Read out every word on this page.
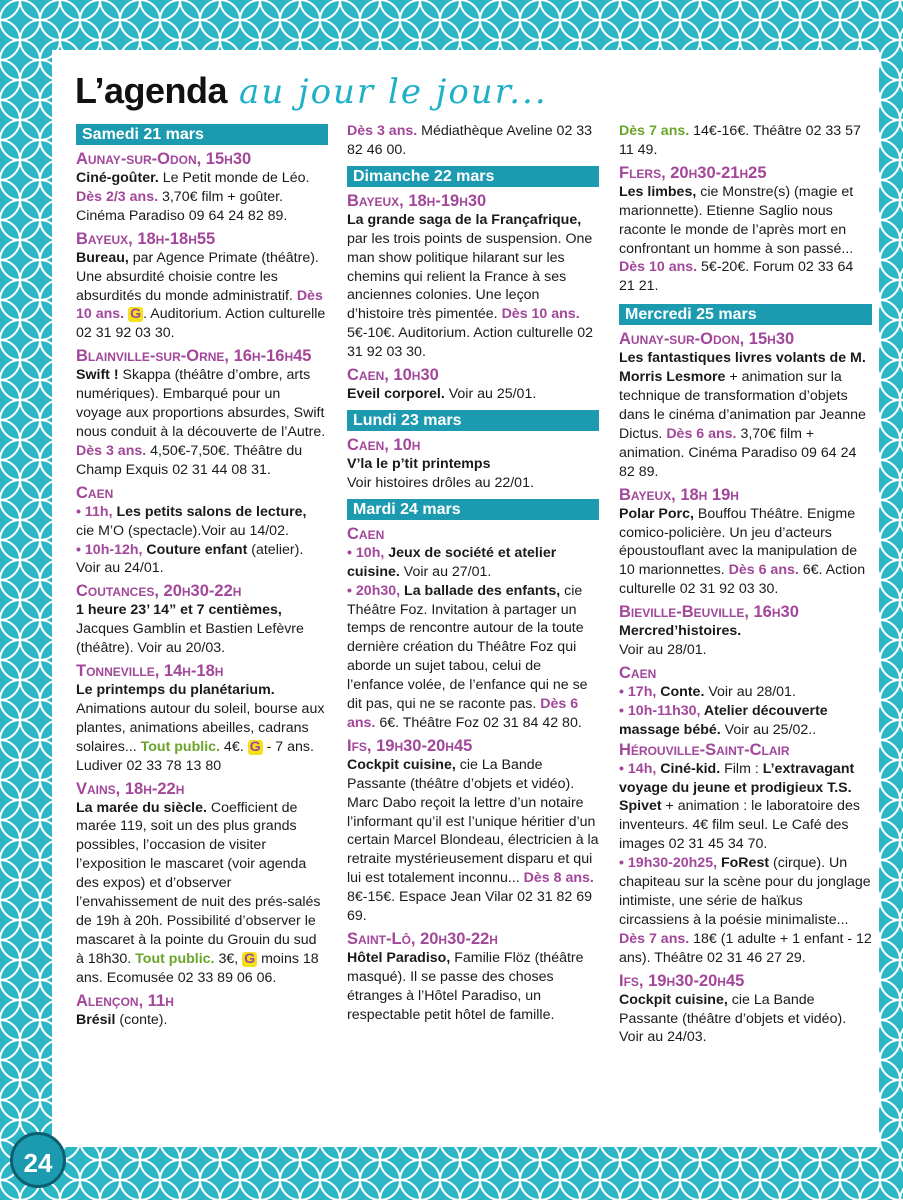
L’agenda au jour le jour...
Samedi 21 mars
Aunay-sur-Odon, 15h30

Ciné-goûter. Le Petit monde de Léo. Dès 2/3 ans. 3,70€ film + goûter. Cinéma Paradiso 09 64 24 82 89.

Bayeux, 18h-18h55

Bureau, par Agence Primate (théâtre). Une absurdité choisie contre les absurdités du monde administratif. Dès 10 ans. G . Auditorium. Action culturelle 02 31 92 03 30.

Blainville-sur-Orne, 16h-16h45

Swift ! Skappa (théâtre d’ombre, arts numériques). Embarqué pour un voyage aux proportions absurdes, Swift nous conduit à la découverte de l’Autre. Dès 3 ans. 4,50€-7,50€. Théâtre du Champ Exquis 02 31 44 08 31.

Caen

• 11h, Les petits salons de lecture, cie M’O (spectacle).Voir au 14/02.
• 10h-12h, Couture enfant (atelier). Voir au 24/01.

Coutances, 20h30-22h

1 heure 23’ 14” et 7 centièmes, Jacques Gamblin et Bastien Lefèvre (théâtre). Voir au 20/03.

Tonneville, 14h-18h

Le printemps du planétarium. Animations autour du soleil, bourse aux plantes, animations abeilles, cadrans solaires... Tout public. 4€. G - 7 ans. Ludiver 02 33 78 13 80

Vains, 18h-22h

La marée du siècle. Coefficient de marée 119, soit un des plus grands possibles, l’occasion de visiter l’exposition le mascaret (voir agenda des expos) et d’observer l’envahissement de nuit des prés-salés de 19h à 20h. Possibilité d’observer le mascaret à la pointe du Grouin du sud à 18h30. Tout public. 3€, G moins 18 ans. Ecomusée 02 33 89 06 06.

Alençon, 11h

Brésil (conte).

Dès 3 ans. Médiathèque Aveline 02 33 82 46 00.

Dimanche 22 mars
Bayeux, 18h-19h30

La grande saga de la Françafrique, par les trois points de suspension. One man show politique hilarant sur les chemins qui relient la France à ses anciennes colonies. Une leçon d’histoire très pimentée. Dès 10 ans. 5€-10€. Auditorium. Action culturelle 02 31 92 03 30.

Caen, 10h30

Eveil corporel. Voir au 25/01.

Lundi 23 mars
Caen, 10h

V’la le p’tit printemps
Voir histoires drôles au 22/01.

Mardi 24 mars
Caen

• 10h, Jeux de société et atelier cuisine. Voir au 27/01.
• 20h30, La ballade des enfants, cie Théâtre Foz. Invitation à partager un temps de rencontre autour de la toute dernière création du Théâtre Foz qui aborde un sujet tabou, celui de l’enfance volée, de l’enfance qui ne se dit pas, qui ne se raconte pas. Dès 6 ans. 6€. Théâtre Foz 02 31 84 42 80.

Ifs, 19h30-20h45

Cockpit cuisine, cie La Bande Passante (théâtre d’objets et vidéo). Marc Dabo reçoit la lettre d’un notaire l’informant qu’il est l’unique héritier d’un certain Marcel Blondeau, électricien à la retraite mystérieusement disparu et qui lui est totalement inconnu... Dès 8 ans. 8€-15€. Espace Jean Vilar 02 31 82 69 69.

Saint-Lô, 20h30-22h

Hôtel Paradiso, Familie Flöz (théâtre masqué). Il se passe des choses étranges à l’Hôtel Paradiso, un respectable petit hôtel de famille.

Dès 7 ans. 14€-16€. Théâtre 02 33 57 11 49.

Flers, 20h30-21h25

Les limbes, cie Monstre(s) (magie et marionnette). Etienne Saglio nous raconte le monde de l’après mort en confrontant un homme à son passé... Dès 10 ans. 5€-20€. Forum 02 33 64 21 21.

Mercredi 25 mars
Aunay-sur-Odon, 15h30

Les fantastiques livres volants de M. Morris Lesmore + animation sur la technique de transformation d’objets dans le cinéma d’animation par Jeanne Dictus. Dès 6 ans. 3,70€ film + animation. Cinéma Paradiso 09 64 24 82 89.

Bayeux, 18h 19h

Polar Porc, Bouffou Théâtre. Enigme comico-policière. Un jeu d’acteurs époustouflant avec la manipulation de 10 marionnettes. Dès 6 ans. 6€. Action culturelle 02 31 92 03 30.

Bieville-Beuville, 16h30

Mercred’histoires.
Voir au 28/01.

Caen

• 17h, Conte. Voir au 28/01.
• 10h-11h30, Atelier découverte massage bébé. Voir au 25/02..

Hérouville-Saint-Clair

• 14h, Ciné-kid. Film : L’extravagant voyage du jeune et prodigieux T.S. Spivet + animation : le laboratoire des inventeurs. 4€ film seul. Le Café des images 02 31 45 34 70.
• 19h30-20h25, FoRest (cirque). Un chapiteau sur la scène pour du jonglage intimiste, une série de haïkus circassiens à la poésie minimaliste... Dès 7 ans. 18€ (1 adulte + 1 enfant - 12 ans). Théâtre 02 31 46 27 29.

Ifs, 19h30-20h45

Cockpit cuisine, cie La Bande Passante (théâtre d’objets et vidéo). Voir au 24/03.

24
